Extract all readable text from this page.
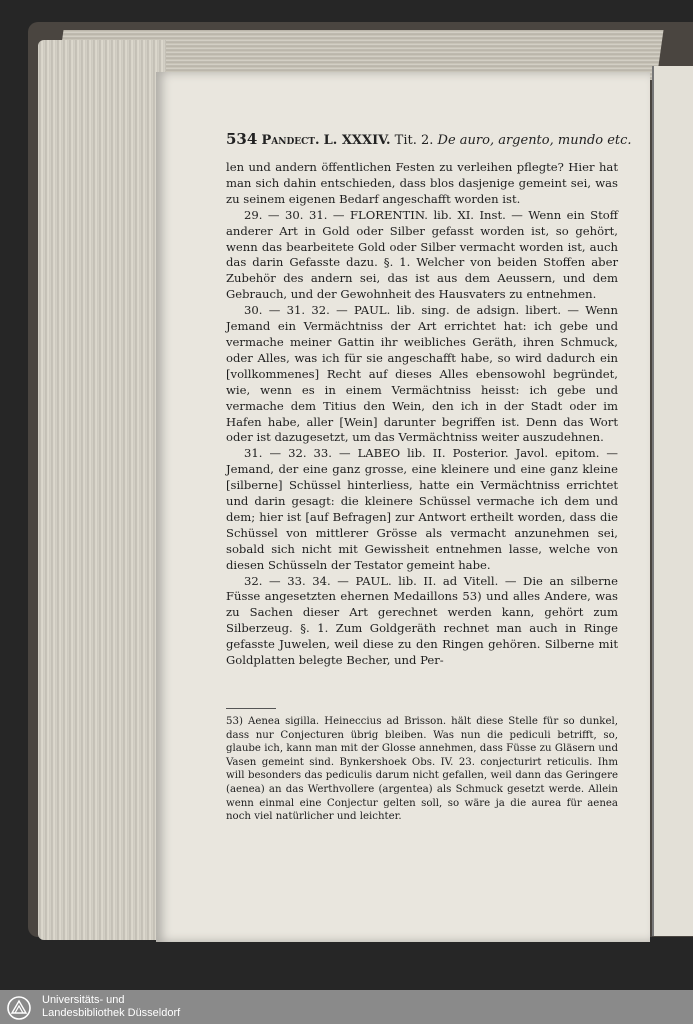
534 Pandect. L. XXXIV. Tit. 2. De auro, argento, mundo etc.

len und andern öffentlichen Festen zu verleihen pflegte? Hier hat man sich dahin entschieden, dass blos dasjenige gemeint sei, was zu seinem eigenen Bedarf angeschafft worden ist.

29. — 30. 31. — FLORENTIN. lib. XI. Inst. — Wenn ein Stoff anderer Art in Gold oder Silber gefasst worden ist, so gehört, wenn das bearbeitete Gold oder Silber vermacht worden ist, auch das darin Gefasste dazu. §. 1. Welcher von beiden Stoffen aber Zubehör des andern sei, das ist aus dem Aeussern, und dem Gebrauch, und der Gewohnheit des Hausvaters zu entnehmen.

30. — 31. 32. — PAUL. lib. sing. de adsign. libert. — Wenn Jemand ein Vermächtniss der Art errichtet hat: ich gebe und vermache meiner Gattin ihr weibliches Geräth, ihren Schmuck, oder Alles, was ich für sie angeschafft habe, so wird dadurch ein [vollkommenes] Recht auf dieses Alles ebensowohl begründet, wie, wenn es in einem Vermächtniss heisst: ich gebe und vermache dem Titius den Wein, den ich in der Stadt oder im Hafen habe, aller [Wein] darunter begriffen ist. Denn das Wort oder ist dazugesetzt, um das Vermächtniss weiter auszudehnen.

31. — 32. 33. — LABEO lib. II. Posterior. Javol. epitom. — Jemand, der eine ganz grosse, eine kleinere und eine ganz kleine [silberne] Schüssel hinterliess, hatte ein Vermächtniss errichtet und darin gesagt: die kleinere Schüssel vermache ich dem und dem; hier ist [auf Befragen] zur Antwort ertheilt worden, dass die Schüssel von mittlerer Grösse als vermacht anzunehmen sei, sobald sich nicht mit Gewissheit entnehmen lasse, welche von diesen Schüsseln der Testator gemeint habe.

32. — 33. 34. — PAUL. lib. II. ad Vitell. — Die an silberne Füsse angesetzten ehernen Medaillons 53) und alles Andere, was zu Sachen dieser Art gerechnet werden kann, gehört zum Silberzeug. §. 1. Zum Goldgeräth rechnet man auch in Ringe gefasste Juwelen, weil diese zu den Ringen gehören. Silberne mit Goldplatten belegte Becher, und Per-

53) Aenea sigilla. Heineccius ad Brisson. hält diese Stelle für so dunkel, dass nur Conjecturen übrig bleiben. Was nun die pediculi betrifft, so, glaube ich, kann man mit der Glosse annehmen, dass Füsse zu Gläsern und Vasen gemeint sind. Bynkershoek Obs. IV. 23. conjecturirt reticulis. Ihm will besonders das pediculis darum nicht gefallen, weil dann das Geringere (aenea) an das Werthvollere (argentea) als Schmuck gesetzt werde. Allein wenn einmal eine Conjectur gelten soll, so wäre ja die aurea für aenea noch viel natürlicher und leichter.
Universitäts- und
Landesbibliothek Düsseldorf
